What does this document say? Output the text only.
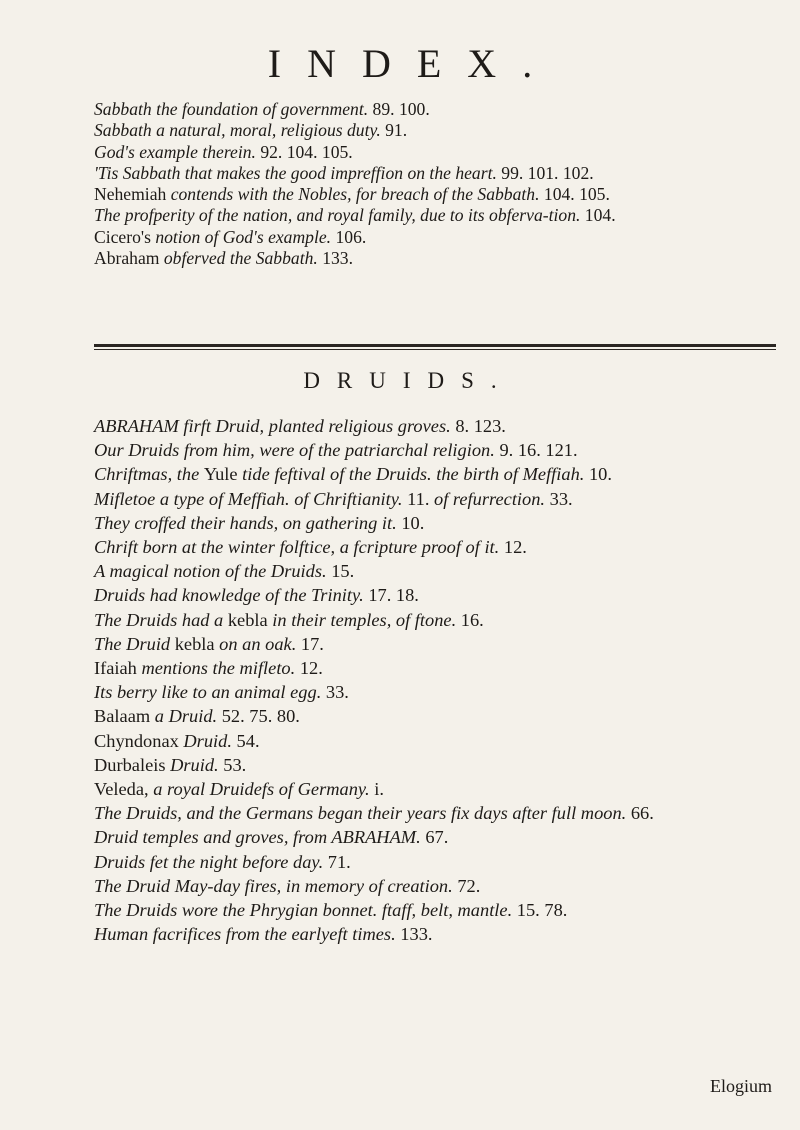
INDEX.

Sabbath the foundation of government. 89. 100.

Sabbath a natural, moral, religious duty. 91.

God's example therein. 92. 104. 105.

'Tis Sabbath that makes the good impreffion on the heart. 99. 101. 102.

Nehemiah contends with the Nobles, for breach of the Sabbath. 104. 105.

The profperity of the nation, and royal family, due to its obferva-tion. 104.

Cicero's notion of God's example. 106.

Abraham obferved the Sabbath. 133.

DRUIDS.

ABRAHAM firft Druid, planted religious groves. 8. 123.

Our Druids from him, were of the patriarchal religion. 9. 16. 121.

Chriftmas, the Yule tide feftival of the Druids. the birth of Meffiah. 10.

Mifletoe a type of Meffiah. of Chriftianity. 11. of refurrection. 33.

They croffed their hands, on gathering it. 10.

Chrift born at the winter folftice, a fcripture proof of it. 12.

A magical notion of the Druids. 15.

Druids had knowledge of the Trinity. 17. 18.

The Druids had a kebla in their temples, of ftone. 16.

The Druid kebla on an oak. 17.

Ifaiah mentions the mifleto. 12.

Its berry like to an animal egg. 33.

Balaam a Druid. 52. 75. 80.

Chyndonax Druid. 54.

Durbaleis Druid. 53.

Veleda, a royal Druidefs of Germany. i.

The Druids, and the Germans began their years fix days after full moon. 66.

Druid temples and groves, from ABRAHAM. 67.

Druids fet the night before day. 71.

The Druid May-day fires, in memory of creation. 72.

The Druids wore the Phrygian bonnet. ftaff, belt, mantle. 15. 78.

Human facrifices from the earlyeft times. 133.

Elogium
